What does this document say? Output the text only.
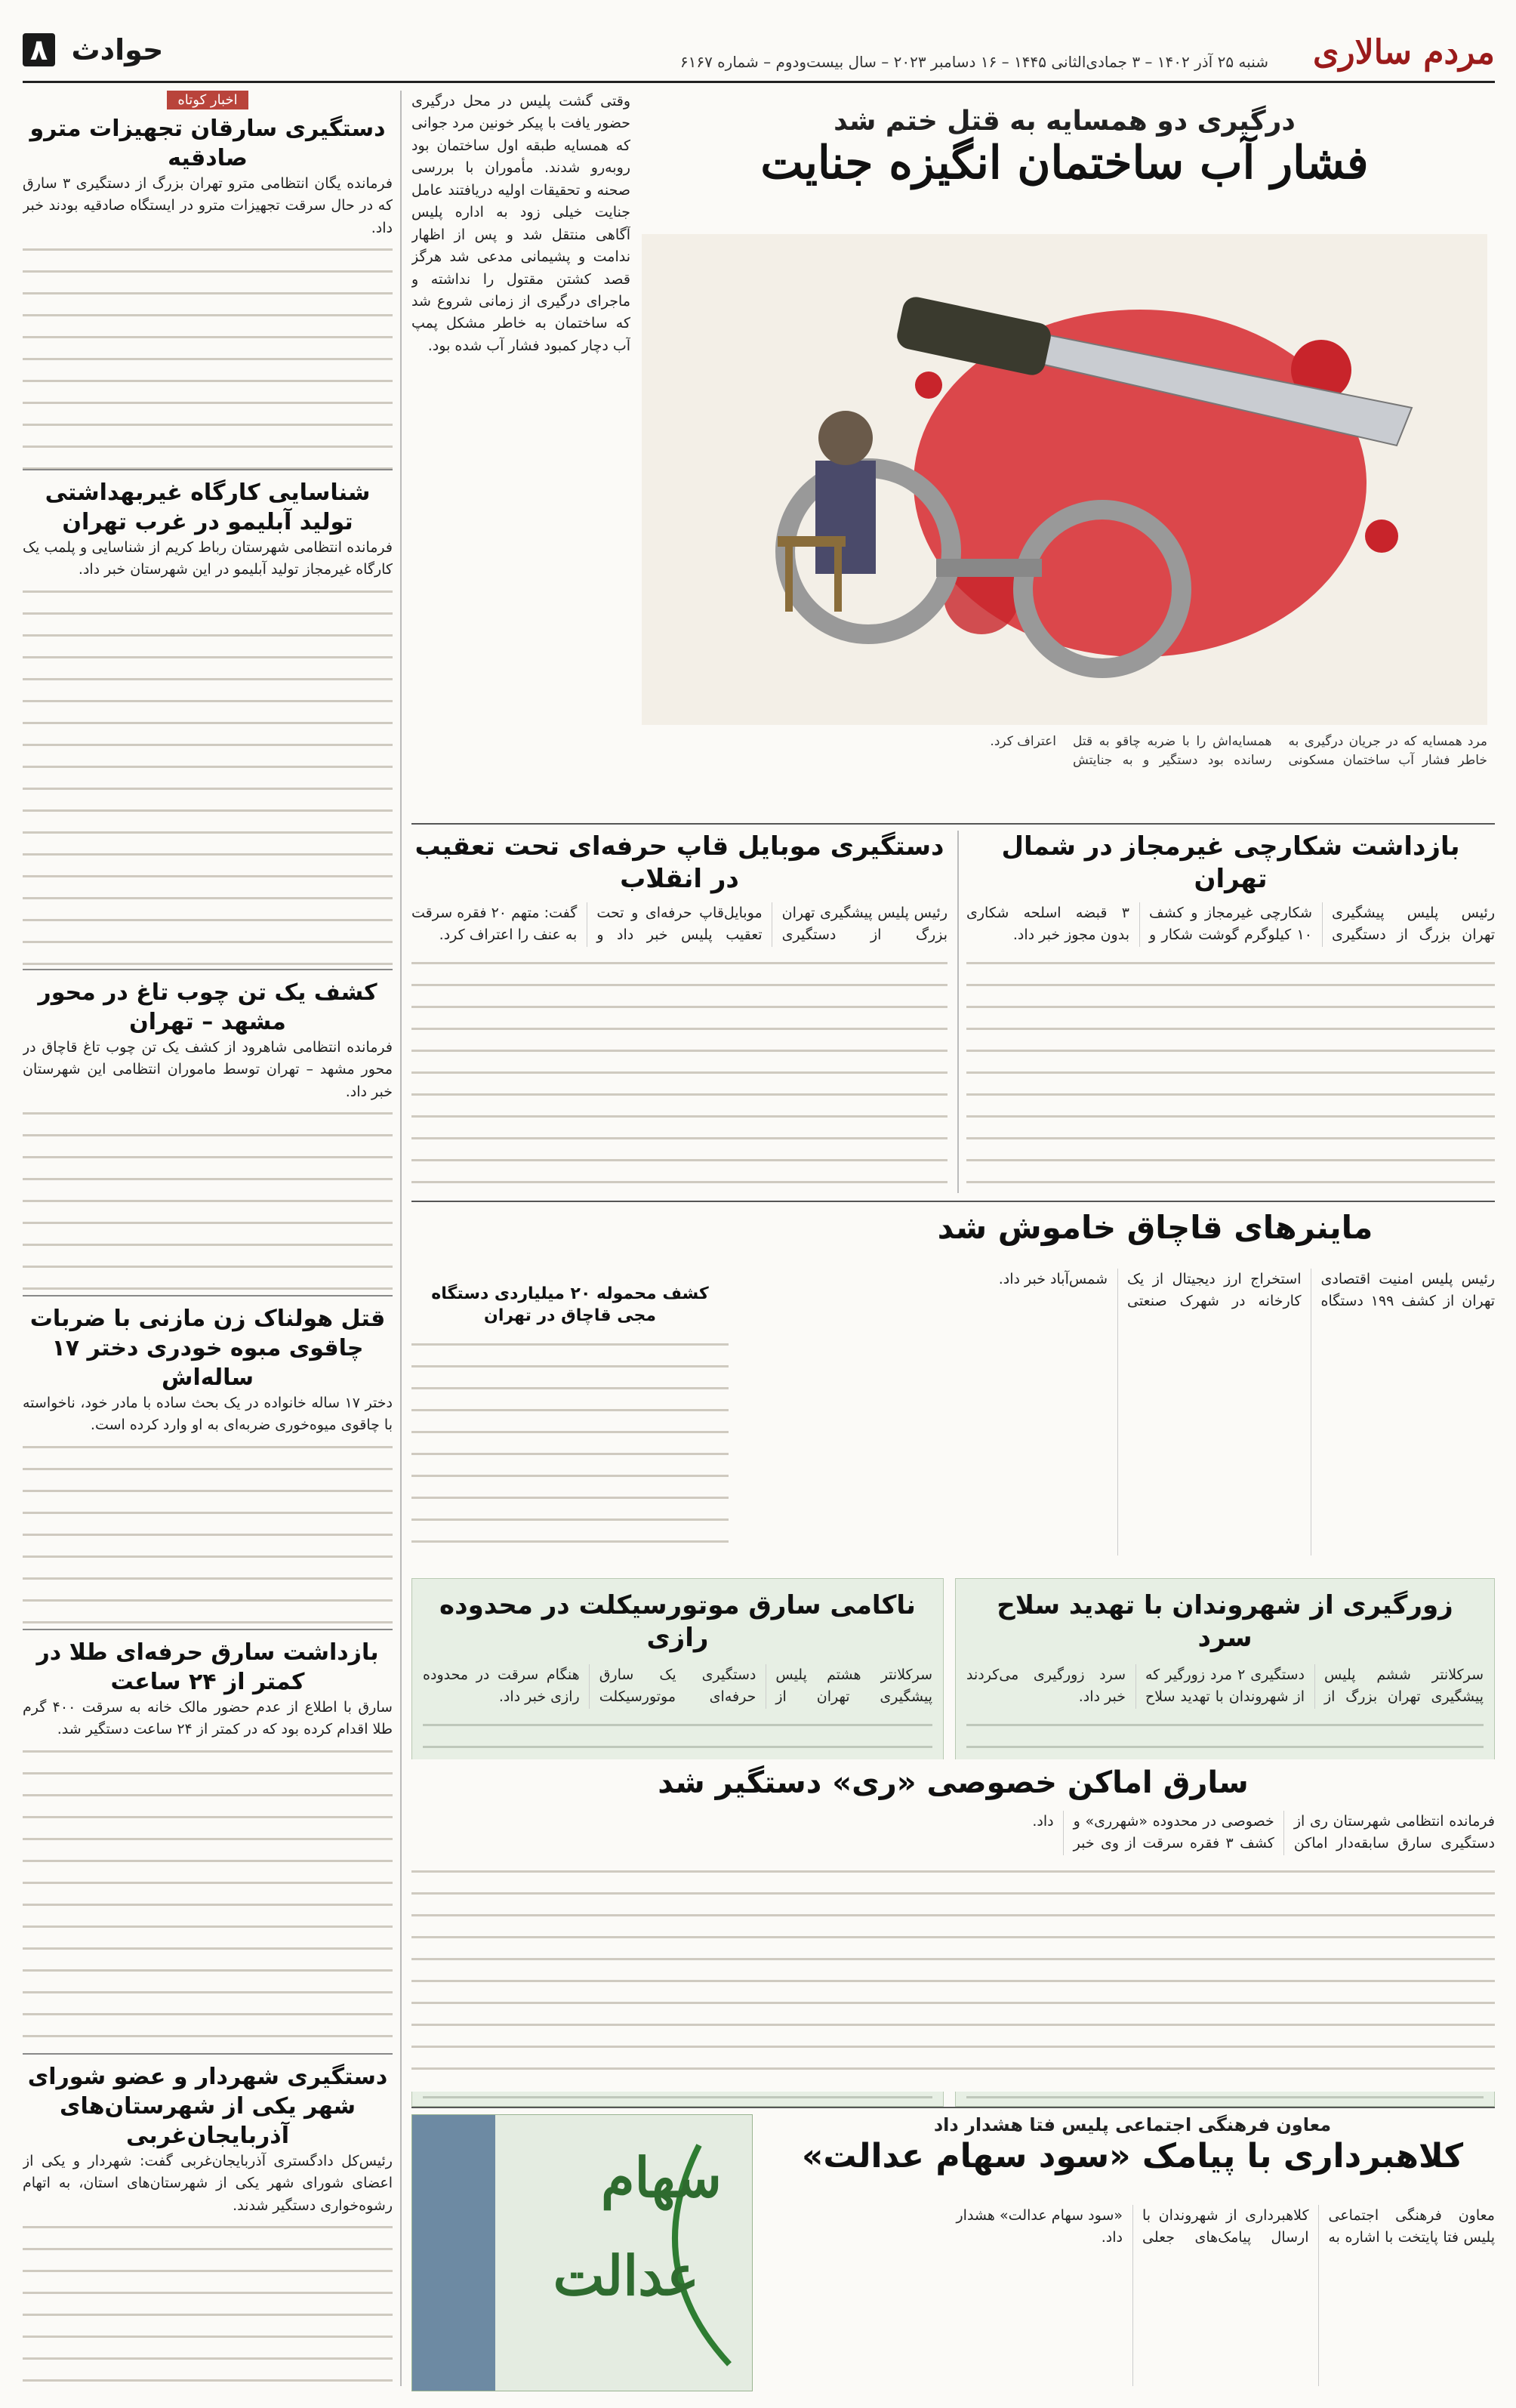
مردم سالاری
شنبه ۲۵ آذر ۱۴۰۲ – ۳ جمادی‌الثانی ۱۴۴۵ – ۱۶ دسامبر ۲۰۲۳ – سال بیست‌ودوم – شماره ۶۱۶۷
حوادث ۸
اخبار کوتاه
دستگیری سارقان تجهیزات مترو صادقیه
فرمانده یگان انتظامی مترو تهران بزرگ از دستگیری ۳ سارق که در حال سرقت تجهیزات مترو در ایستگاه صادقیه بودند خبر داد.
شناسایی کارگاه غیربهداشتی تولید آبلیمو در غرب تهران
فرمانده انتظامی شهرستان رباط کریم از شناسایی و پلمب یک کارگاه غیرمجاز تولید آبلیمو در این شهرستان خبر داد.
کشف یک تن چوب تاغ در محور مشهد – تهران
فرمانده انتظامی شاهرود از کشف یک تن چوب تاغ قاچاق در محور مشهد – تهران توسط ماموران انتظامی این شهرستان خبر داد.
قتل هولناک زن مازنی با ضربات چاقوی مبوه خودری دختر ۱۷ ساله‌اش
دختر ۱۷ ساله خانواده در یک بحث ساده با مادر خود، ناخواسته با چاقوی میوه‌خوری ضربه‌ای به او وارد کرده است.
بازداشت سارق حرفه‌ای طلا در کمتر از ۲۴ ساعت
سارق با اطلاع از عدم حضور مالک خانه به سرقت ۴۰۰ گرم طلا اقدام کرده بود که در کمتر از ۲۴ ساعت دستگیر شد.
دستگیری شهردار و عضو شورای شهر یکی از شهرستان‌های آذربایجان‌غربی
رئیس‌کل دادگستری آذربایجان‌غربی گفت: شهردار و یکی از اعضای شورای شهر یکی از شهرستان‌های استان، به اتهام رشوه‌خواری دستگیر شدند.
وقتی گشت پلیس در محل درگیری حضور یافت با پیکر خونین مرد جوانی که همسایه طبقه اول ساختمان بود روبه‌رو شدند. مأموران با بررسی صحنه و تحقیقات اولیه دریافتند عامل جنایت خیلی زود به اداره پلیس آگاهی منتقل شد و پس از اظهار ندامت و پشیمانی مدعی شد هرگز قصد کشتن مقتول را نداشته و ماجرای درگیری از زمانی شروع شد که ساختمان به خاطر مشکل پمپ آب دچار کمبود فشار آب شده بود.
درگیری دو همسایه به قتل ختم شد
فشار آب ساختمان انگیزه جنایت
مرد همسایه که در جریان درگیری به خاطر فشار آب ساختمان مسکونی همسایه‌اش را با ضربه چاقو به قتل رسانده بود دستگیر و به جنایتش اعتراف کرد.
بازداشت شکارچی غیرمجاز در شمال تهران
رئیس پلیس پیشگیری تهران بزرگ از دستگیری شکارچی غیرمجاز و کشف ۱۰ کیلوگرم گوشت شکار و ۳ قبضه اسلحه شکاری بدون مجوز خبر داد.
دستگیری موبایل قاپ حرفه‌ای تحت تعقیب در انقلاب
رئیس پلیس پیشگیری تهران بزرگ از دستگیری موبایل‌قاپ حرفه‌ای و تحت تعقیب پلیس خبر داد و گفت: متهم ۲۰ فقره سرقت به عنف را اعتراف کرد.
ماینرهای قاچاق خاموش شد
رئیس پلیس امنیت اقتصادی تهران از کشف ۱۹۹ دستگاه استخراج ارز دیجیتال از یک کارخانه در شهرک صنعتی شمس‌آباد خبر داد.
کشف محموله ۲۰ میلیاردی دستگاه مجی قاچاق در تهران
زورگیری از شهروندان با تهدید سلاح سرد
سرکلانتر ششم پلیس پیشگیری تهران بزرگ از دستگیری ۲ مرد زورگیر که از شهروندان با تهدید سلاح سرد زورگیری می‌کردند خبر داد.
ناکامی سارق موتورسیکلت در محدوده رازی
سرکلانتر هشتم پلیس پیشگیری تهران از دستگیری یک سارق حرفه‌ای موتورسیکلت هنگام سرقت در محدوده رازی خبر داد.
سارق اماکن خصوصی «ری» دستگیر شد
فرمانده انتظامی شهرستان ری از دستگیری سارق سابقه‌دار اماکن خصوصی در محدوده «شهرری» و کشف ۳ فقره سرقت از وی خبر داد.
معاون فرهنگی اجتماعی پلیس فتا هشدار داد
کلاهبرداری با پیامک «سود سهام عدالت»
معاون فرهنگی اجتماعی پلیس فتا پایتخت با اشاره به کلاهبرداری از شهروندان با ارسال پیامک‌های جعلی «سود سهام عدالت» هشدار داد.
سهام
عدالت
